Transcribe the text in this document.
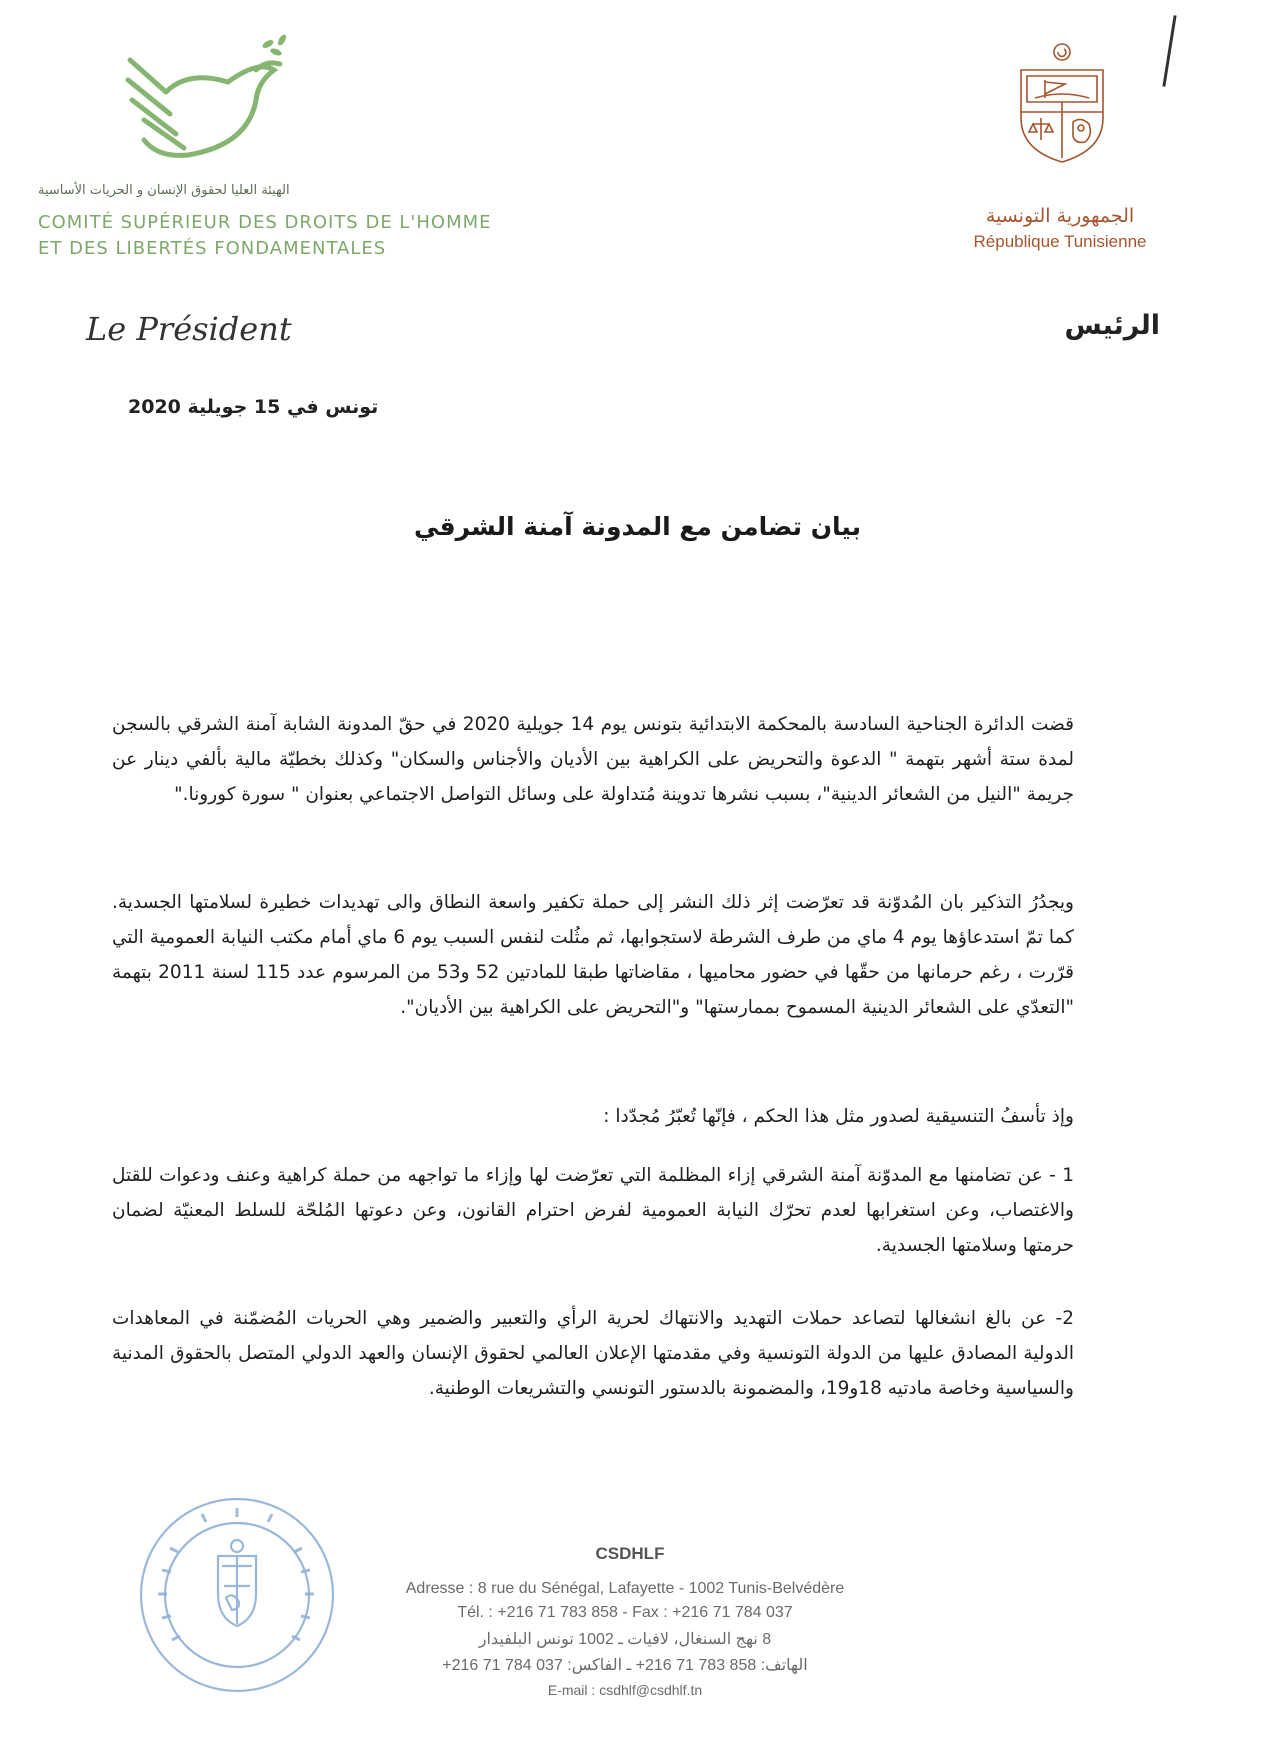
الهيئة العليا لحقوق الإنسان و الحريات الأساسية
COMITÉ SUPÉRIEUR DES DROITS DE L'HOMME
ET DES LIBERTÉS FONDAMENTALES
Le Président
تونس في 15 جويلية 2020
الجمهورية التونسية
République Tunisienne
الرئيس
بيان تضامن مع المدونة آمنة الشرقي
قضت الدائرة الجناحية السادسة بالمحكمة الابتدائية بتونس يوم 14 جويلية 2020 في حقّ المدونة الشابة آمنة الشرقي بالسجن لمدة ستة أشهر بتهمة " الدعوة والتحريض على الكراهية بين الأديان والأجناس والسكان" وكذلك بخطيّة مالية بألفي دينار عن جريمة "النيل من الشعائر الدينية"، بسبب نشرها تدوينة مُتداولة على وسائل التواصل الاجتماعي بعنوان " سورة كورونا."
ويجدُرُ التذكير بان المُدوّنة قد تعرّضت إثر ذلك النشر إلى حملة تكفير واسعة النطاق والى تهديدات خطيرة لسلامتها الجسدية. كما تمّ استدعاؤها يوم 4 ماي من طرف الشرطة لاستجوابها، ثم مثُلت لنفس السبب يوم 6 ماي أمام مكتب النيابة العمومية التي قرّرت ، رغم حرمانها من حقّها في حضور محاميها ، مقاضاتها طبقا للمادتين 52 و53 من المرسوم عدد 115 لسنة 2011 بتهمة "التعدّي على الشعائر الدينية المسموح بممارستها" و"التحريض على الكراهية بين الأديان".
وإذ تأسفُ التنسيقية لصدور مثل هذا الحكم ، فإنّها تُعبّرُ مُجدّدا :
1 - عن تضامنها مع المدوّنة آمنة الشرقي إزاء المظلمة التي تعرّضت لها وإزاء ما تواجهه من حملة كراهية وعنف ودعوات للقتل والاغتصاب، وعن استغرابها لعدم تحرّك النيابة العمومية لفرض احترام القانون، وعن دعوتها المُلحّة للسلط المعنيّة لضمان حرمتها وسلامتها الجسدية.
2- عن بالغ انشغالها لتصاعد حملات التهديد والانتهاك لحرية الرأي والتعبير والضمير وهي الحريات المُضمّنة في المعاهدات الدولية المصادق عليها من الدولة التونسية وفي مقدمتها الإعلان العالمي لحقوق الإنسان والعهد الدولي المتصل بالحقوق المدنية والسياسية وخاصة مادتيه 18و19، والمضمونة بالدستور التونسي والتشريعات الوطنية.
CSDHLF
Adresse : 8 rue du Sénégal, Lafayette - 1002 Tunis-Belvédère
Tél. : +216 71 783 858 - Fax : +216 71 784 037
8 نهج السنغال، لافيات ـ 1002 تونس البلفيدار
الهاتف: 858 783 71 216+ ـ الفاكس: 037 784 71 216+
E-mail : csdhlf@csdhlf.tn
